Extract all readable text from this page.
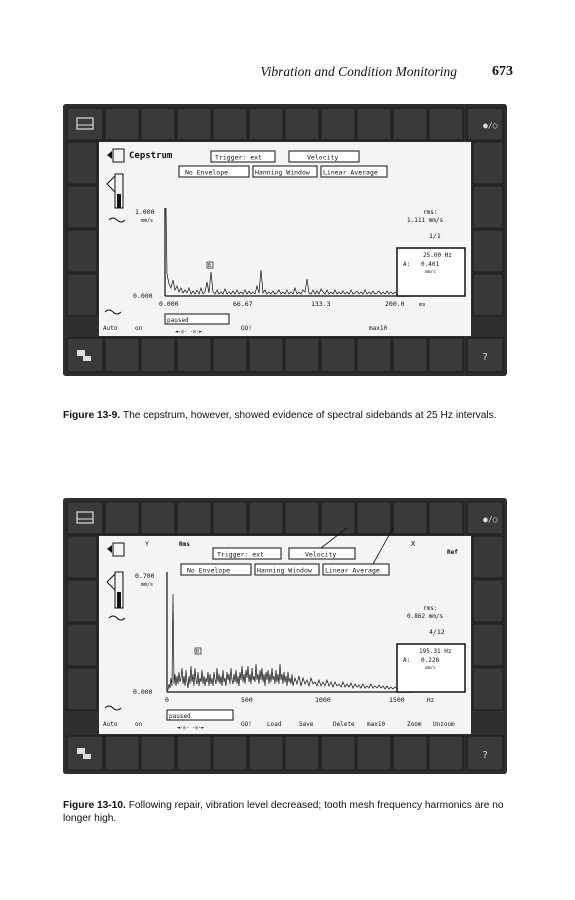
Vibration and Condition Monitoring	673
●/○
?
Cepstrum	Trigger: ext	Velocity
No Envelope	Hanning Window Linear Average
1.000
mm/s
0.000
B
0.000	66.67	133.3	200.0	ms
rms:
1.111 mm/s
1/1
25.00 Hz
A: 0.401
mm/s
Auto	on
paused
◄-◎- -◎-►	GO!	max10
Figure 13-9. The cepstrum, however, showed evidence of spectral sidebands at 25 Hz intervals.
●/○
?
Y	Rms	X
Ref
Trigger: ext	Velocity
No Envelope	Hanning Window Linear Average
0.700
mm/s
0.000
B
0	500	1000	1500	Hz
rms:
0.862 mm/s
4/12
195.31 Hz
A: 0.228
mm/s
Auto	on
paused
◄-◎- -◎-►	GO!	Load	Save	Delete max10	Zoom Unzoom
Figure 13-10. Following repair, vibration level decreased; tooth mesh frequency harmonics are no longer high.
